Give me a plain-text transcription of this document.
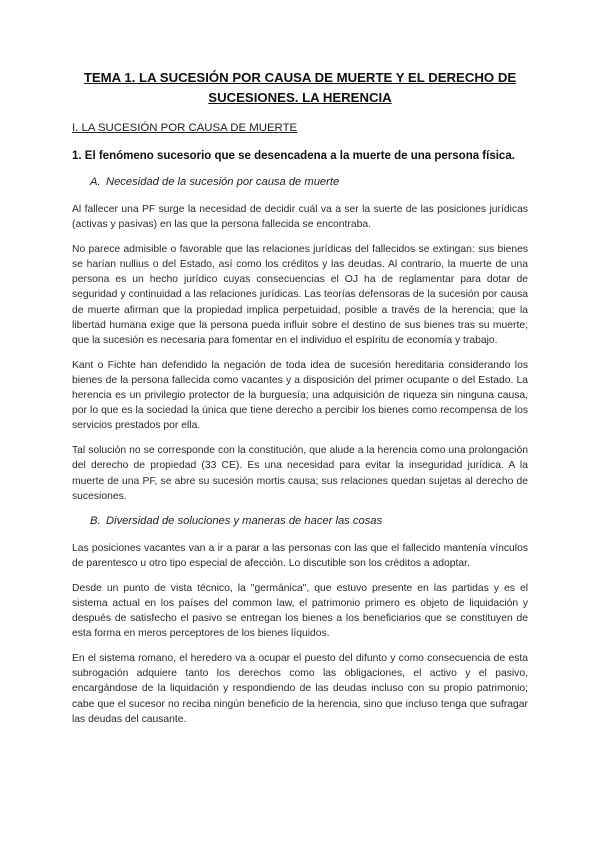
TEMA 1. LA SUCESIÓN POR CAUSA DE MUERTE Y EL DERECHO DE SUCESIONES. LA HERENCIA
I. LA SUCESIÓN POR CAUSA DE MUERTE
1. El fenómeno sucesorio que se desencadena a la muerte de una persona física.
A. Necesidad de la sucesión por causa de muerte

Al fallecer una PF surge la necesidad de decidir cuál va a ser la suerte de las posiciones jurídicas (activas y pasivas) en las que la persona fallecida se encontraba.

No parece admisible o favorable que las relaciones jurídicas del fallecidos se extingan: sus bienes se harían nullius o del Estado, así como los créditos y las deudas. Al contrario, la muerte de una persona es un hecho jurídico cuyas consecuencias el OJ ha de reglamentar para dotar de seguridad y continuidad a las relaciones jurídicas. Las teorías defensoras de la sucesión por causa de muerte afirman que la propiedad implica perpetuidad, posible a través de la herencia; que la libertad humana exige que la persona pueda influir sobre el destino de sus bienes tras su muerte; que la sucesión es necesaria para fomentar en el individuo el espíritu de economía y trabajo.

Kant o Fichte han defendido la negación de toda idea de sucesión hereditaria considerando los bienes de la persona fallecida como vacantes y a disposición del primer ocupante o del Estado. La herencia es un privilegio protector de la burguesía; una adquisición de riqueza sin ninguna causa, por lo que es la sociedad la única que tiene derecho a percibir los bienes como recompensa de los servicios prestados por ella.

Tal solución no se corresponde con la constitución, que alude a la herencia como una prolongación del derecho de propiedad (33 CE). Es una necesidad para evitar la inseguridad jurídica. A la muerte de una PF, se abre su sucesión mortis causa; sus relaciones quedan sujetas al derecho de sucesiones.

B. Diversidad de soluciones y maneras de hacer las cosas

Las posiciones vacantes van a ir a parar a las personas con las que el fallecido mantenía vínculos de parentesco u otro tipo especial de afección. Lo discutible son los créditos a adoptar.

Desde un punto de vista técnico, la "germánica", que estuvo presente en las partidas y es el sistema actual en los países del common law, el patrimonio primero es objeto de liquidación y después de satisfecho el pasivo se entregan los bienes a los beneficiarios que se constituyen de esta forma en meros perceptores de los bienes líquidos.

En el sistema romano, el heredero va a ocupar el puesto del difunto y como consecuencia de esta subrogación adquiere tanto los derechos como las obligaciones, el activo y el pasivo, encargándose de la liquidación y respondiendo de las deudas incluso con su propio patrimonio; cabe que el sucesor no reciba ningún beneficio de la herencia, sino que incluso tenga que sufragar las deudas del causante.
